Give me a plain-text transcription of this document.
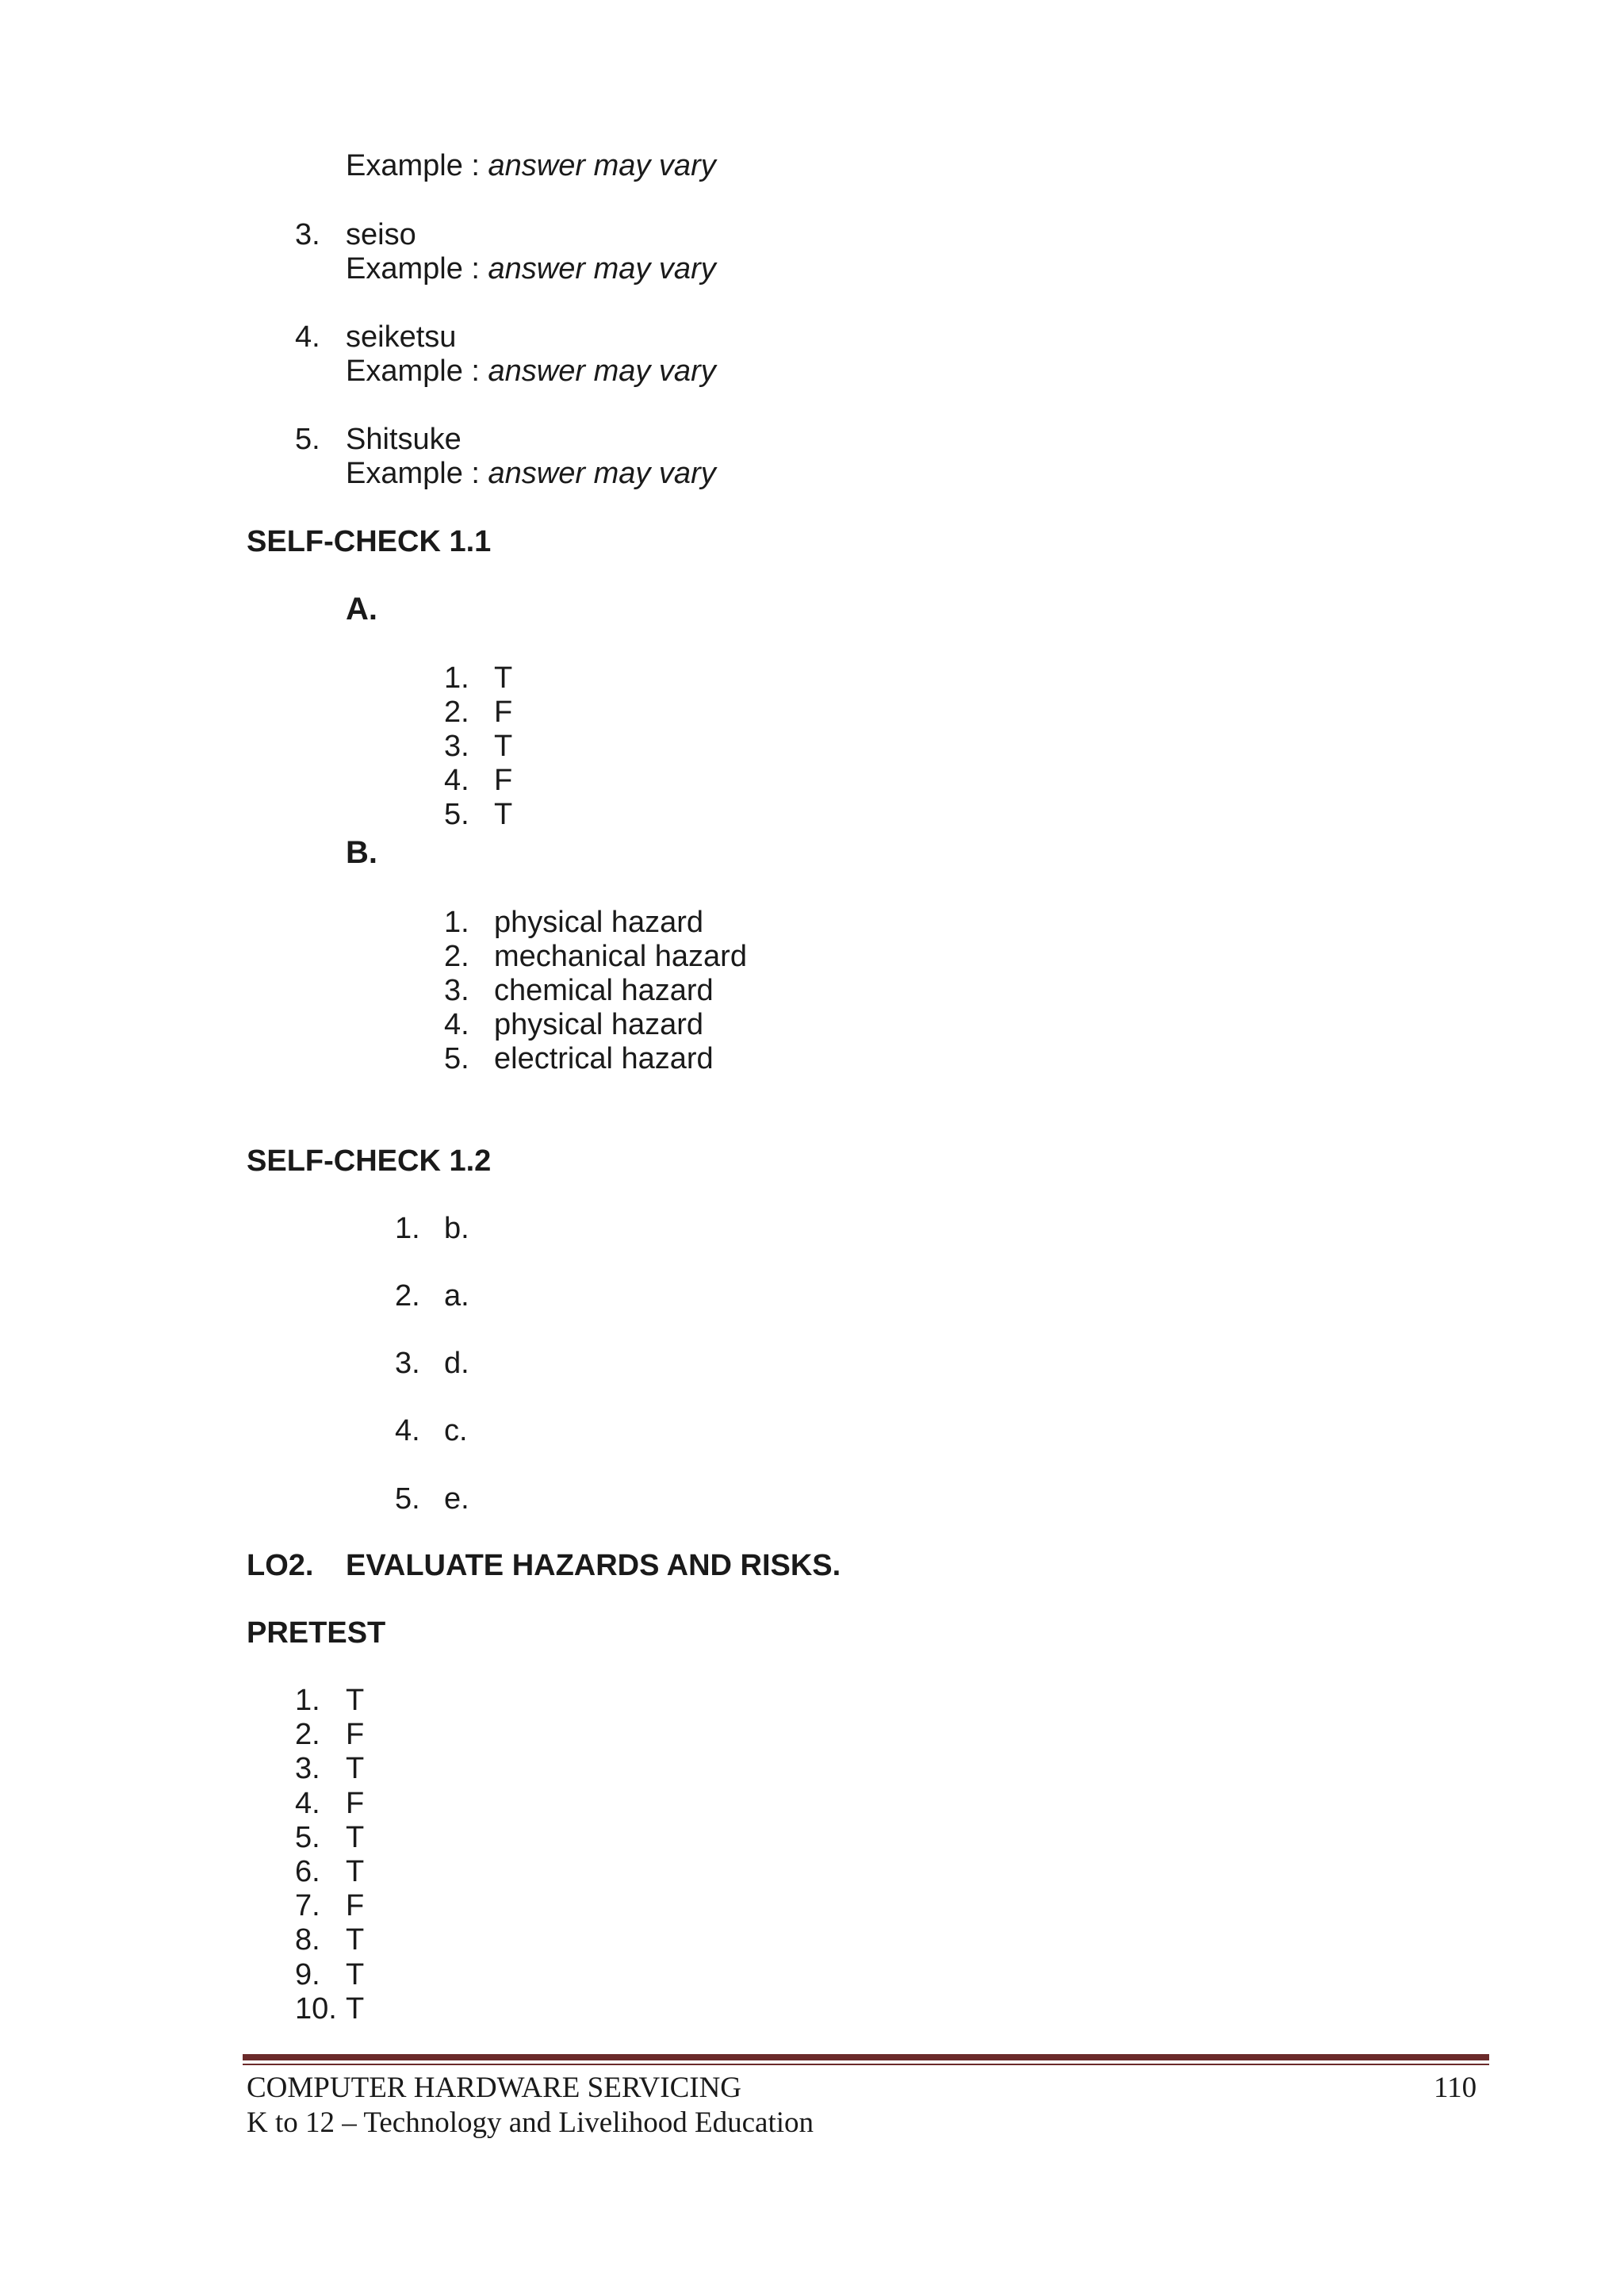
Example : answer may vary
3. seiso
Example : answer may vary
4. seiketsu
Example : answer may vary
5. Shitsuke
Example : answer may vary
SELF-CHECK 1.1
A.
1. T
2. F
3. T
4. F
5. T
B.
1. physical hazard
2. mechanical hazard
3. chemical hazard
4. physical hazard
5. electrical hazard
SELF-CHECK 1.2
1. b.
2. a.
3. d.
4. c.
5. e.
LO2. EVALUATE HAZARDS AND RISKS.
PRETEST
1. T
2. F
3. T
4. F
5. T
6. T
7. F
8. T
9. T
10. T
COMPUTER HARDWARE SERVICING	110
K to 12 – Technology and Livelihood Education
